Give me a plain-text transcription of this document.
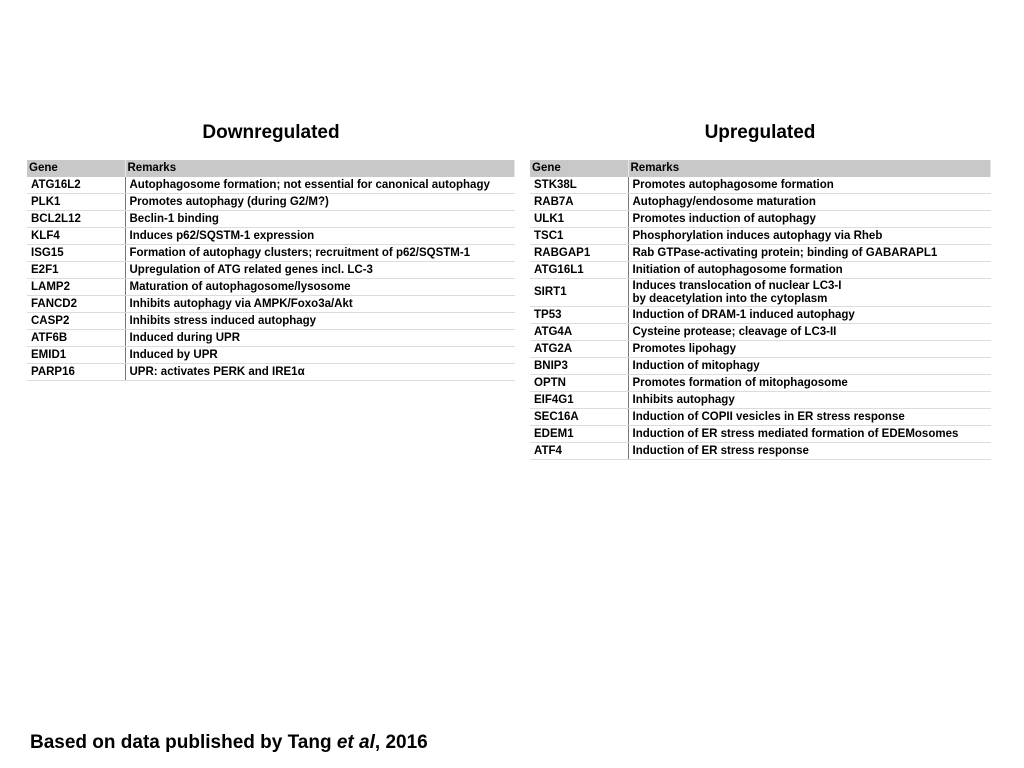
Downregulated	Upregulated
Gene	Remarks
ATG16L2	Autophagosome formation; not essential for canonical autophagy
PLK1	Promotes autophagy (during G2/M?)
BCL2L12	Beclin-1 binding
KLF4	Induces p62/SQSTM-1 expression
ISG15	Formation of autophagy clusters; recruitment of p62/SQSTM-1
E2F1	Upregulation of ATG related genes incl. LC-3
LAMP2	Maturation of autophagosome/lysosome
FANCD2	Inhibits autophagy via AMPK/Foxo3a/Akt
CASP2	Inhibits stress induced autophagy
ATF6B	Induced during UPR
EMID1	Induced by UPR
PARP16	UPR: activates PERK and IRE1α
Gene	Remarks
STK38L	Promotes autophagosome formation
RAB7A	Autophagy/endosome maturation
ULK1	Promotes induction of autophagy
TSC1	Phosphorylation induces autophagy via Rheb
RABGAP1	Rab GTPase-activating protein; binding of GABARAPL1
ATG16L1	Initiation of autophagosome formation
SIRT1	Induces translocation of nuclear LC3-I
by deacetylation into the cytoplasm
TP53	Induction of DRAM-1 induced autophagy
ATG4A	Cysteine protease; cleavage of LC3-II
ATG2A	Promotes lipohagy
BNIP3	Induction of mitophagy
OPTN	Promotes formation of mitophagosome
EIF4G1	Inhibits autophagy
SEC16A	Induction of COPII vesicles in ER stress response
EDEM1	Induction of ER stress mediated formation of EDEMosomes
ATF4	Induction of ER stress response
Based on data published by Tang et al, 2016
